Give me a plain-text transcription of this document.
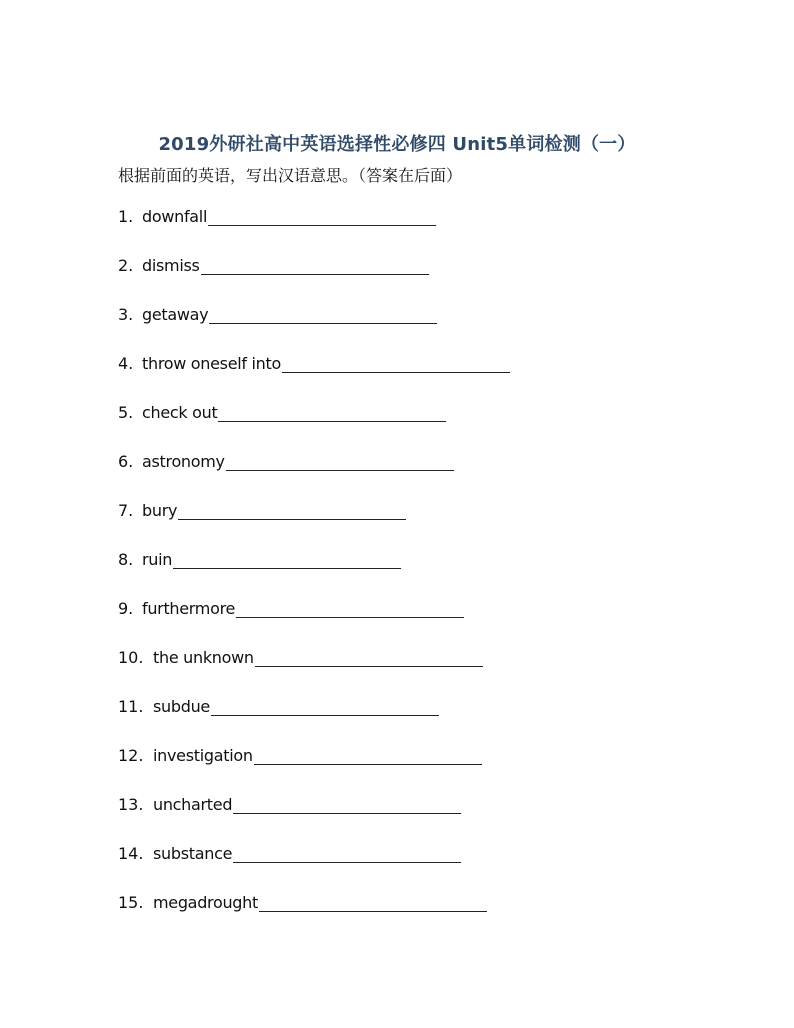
2019外研社高中英语选择性必修四 Unit5单词检测（一）
根据前面的英语，写出汉语意思。（答案在后面）
1. downfall
2. dismiss
3. getaway
4. throw oneself into
5. check out
6. astronomy
7. bury
8. ruin
9. furthermore
10. the unknown
11. subdue
12. investigation
13. uncharted
14. substance
15. megadrought
